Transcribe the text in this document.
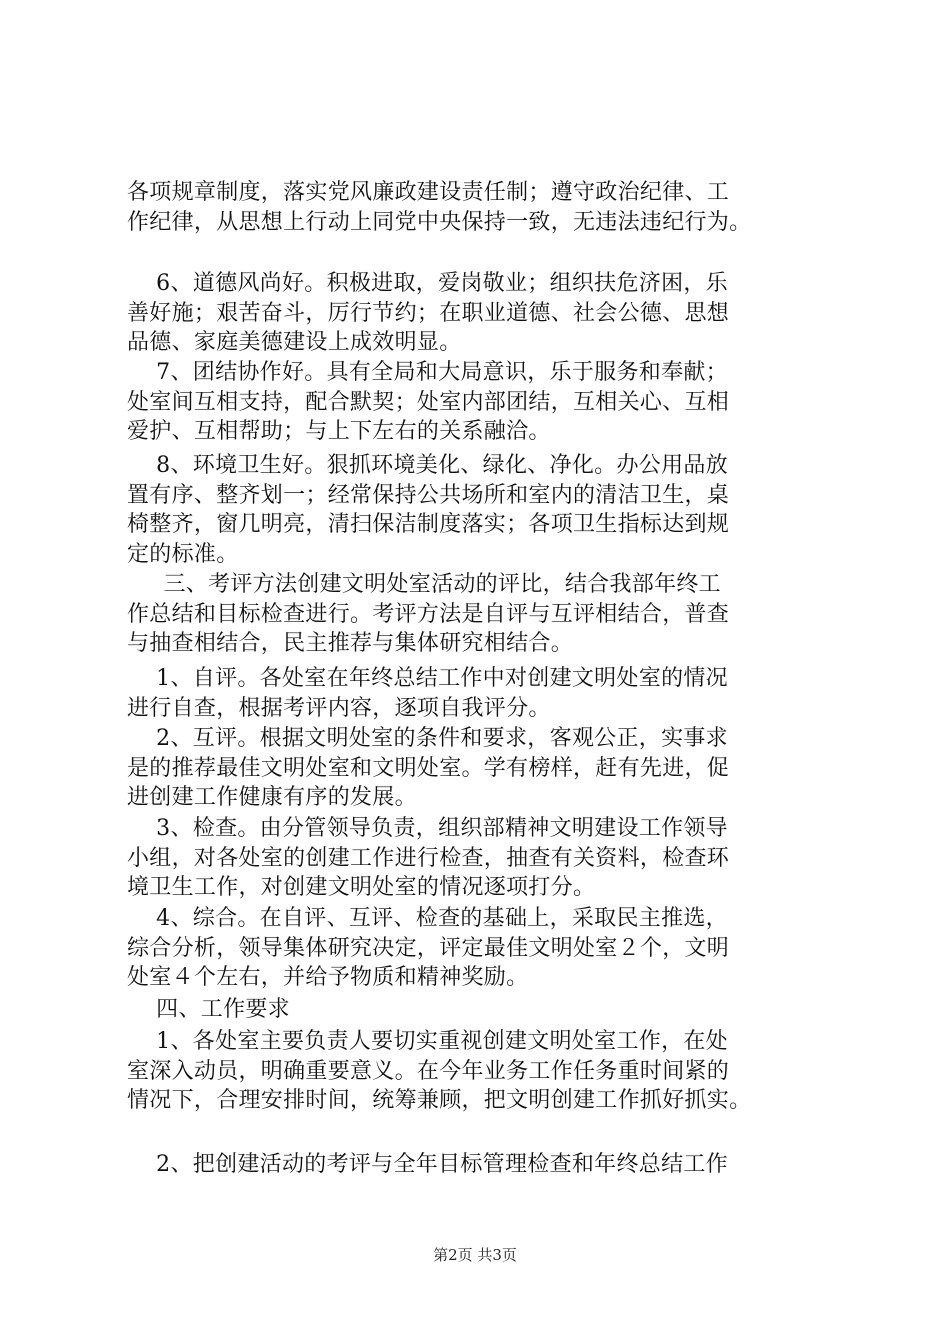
各项规章制度，落实党风廉政建设责任制；遵守政治纪律、工
作纪律，从思想上行动上同党中央保持一致，无违法违纪行为。
6、道德风尚好。积极进取，爱岗敬业；组织扶危济困，乐
善好施；艰苦奋斗，厉行节约；在职业道德、社会公德、思想
品德、家庭美德建设上成效明显。
7、团结协作好。具有全局和大局意识，乐于服务和奉献；
处室间互相支持，配合默契；处室内部团结，互相关心、互相
爱护、互相帮助；与上下左右的关系融洽。
8、环境卫生好。狠抓环境美化、绿化、净化。办公用品放
置有序、整齐划一；经常保持公共场所和室内的清洁卫生，桌
椅整齐，窗几明亮，清扫保洁制度落实；各项卫生指标达到规
定的标准。
三、考评方法创建文明处室活动的评比，结合我部年终工
作总结和目标检查进行。考评方法是自评与互评相结合，普查
与抽查相结合，民主推荐与集体研究相结合。
1、自评。各处室在年终总结工作中对创建文明处室的情况
进行自查，根据考评内容，逐项自我评分。
2、互评。根据文明处室的条件和要求，客观公正，实事求
是的推荐最佳文明处室和文明处室。学有榜样，赶有先进，促
进创建工作健康有序的发展。
3、检查。由分管领导负责，组织部精神文明建设工作领导
小组，对各处室的创建工作进行检查，抽查有关资料，检查环
境卫生工作，对创建文明处室的情况逐项打分。
4、综合。在自评、互评、检查的基础上，采取民主推选，
综合分析，领导集体研究决定，评定最佳文明处室２个，文明
处室４个左右，并给予物质和精神奖励。
四、工作要求
1、各处室主要负责人要切实重视创建文明处室工作，在处
室深入动员，明确重要意义。在今年业务工作任务重时间紧的
情况下，合理安排时间，统筹兼顾，把文明创建工作抓好抓实。
2、把创建活动的考评与全年目标管理检查和年终总结工作
第2页 共3页
